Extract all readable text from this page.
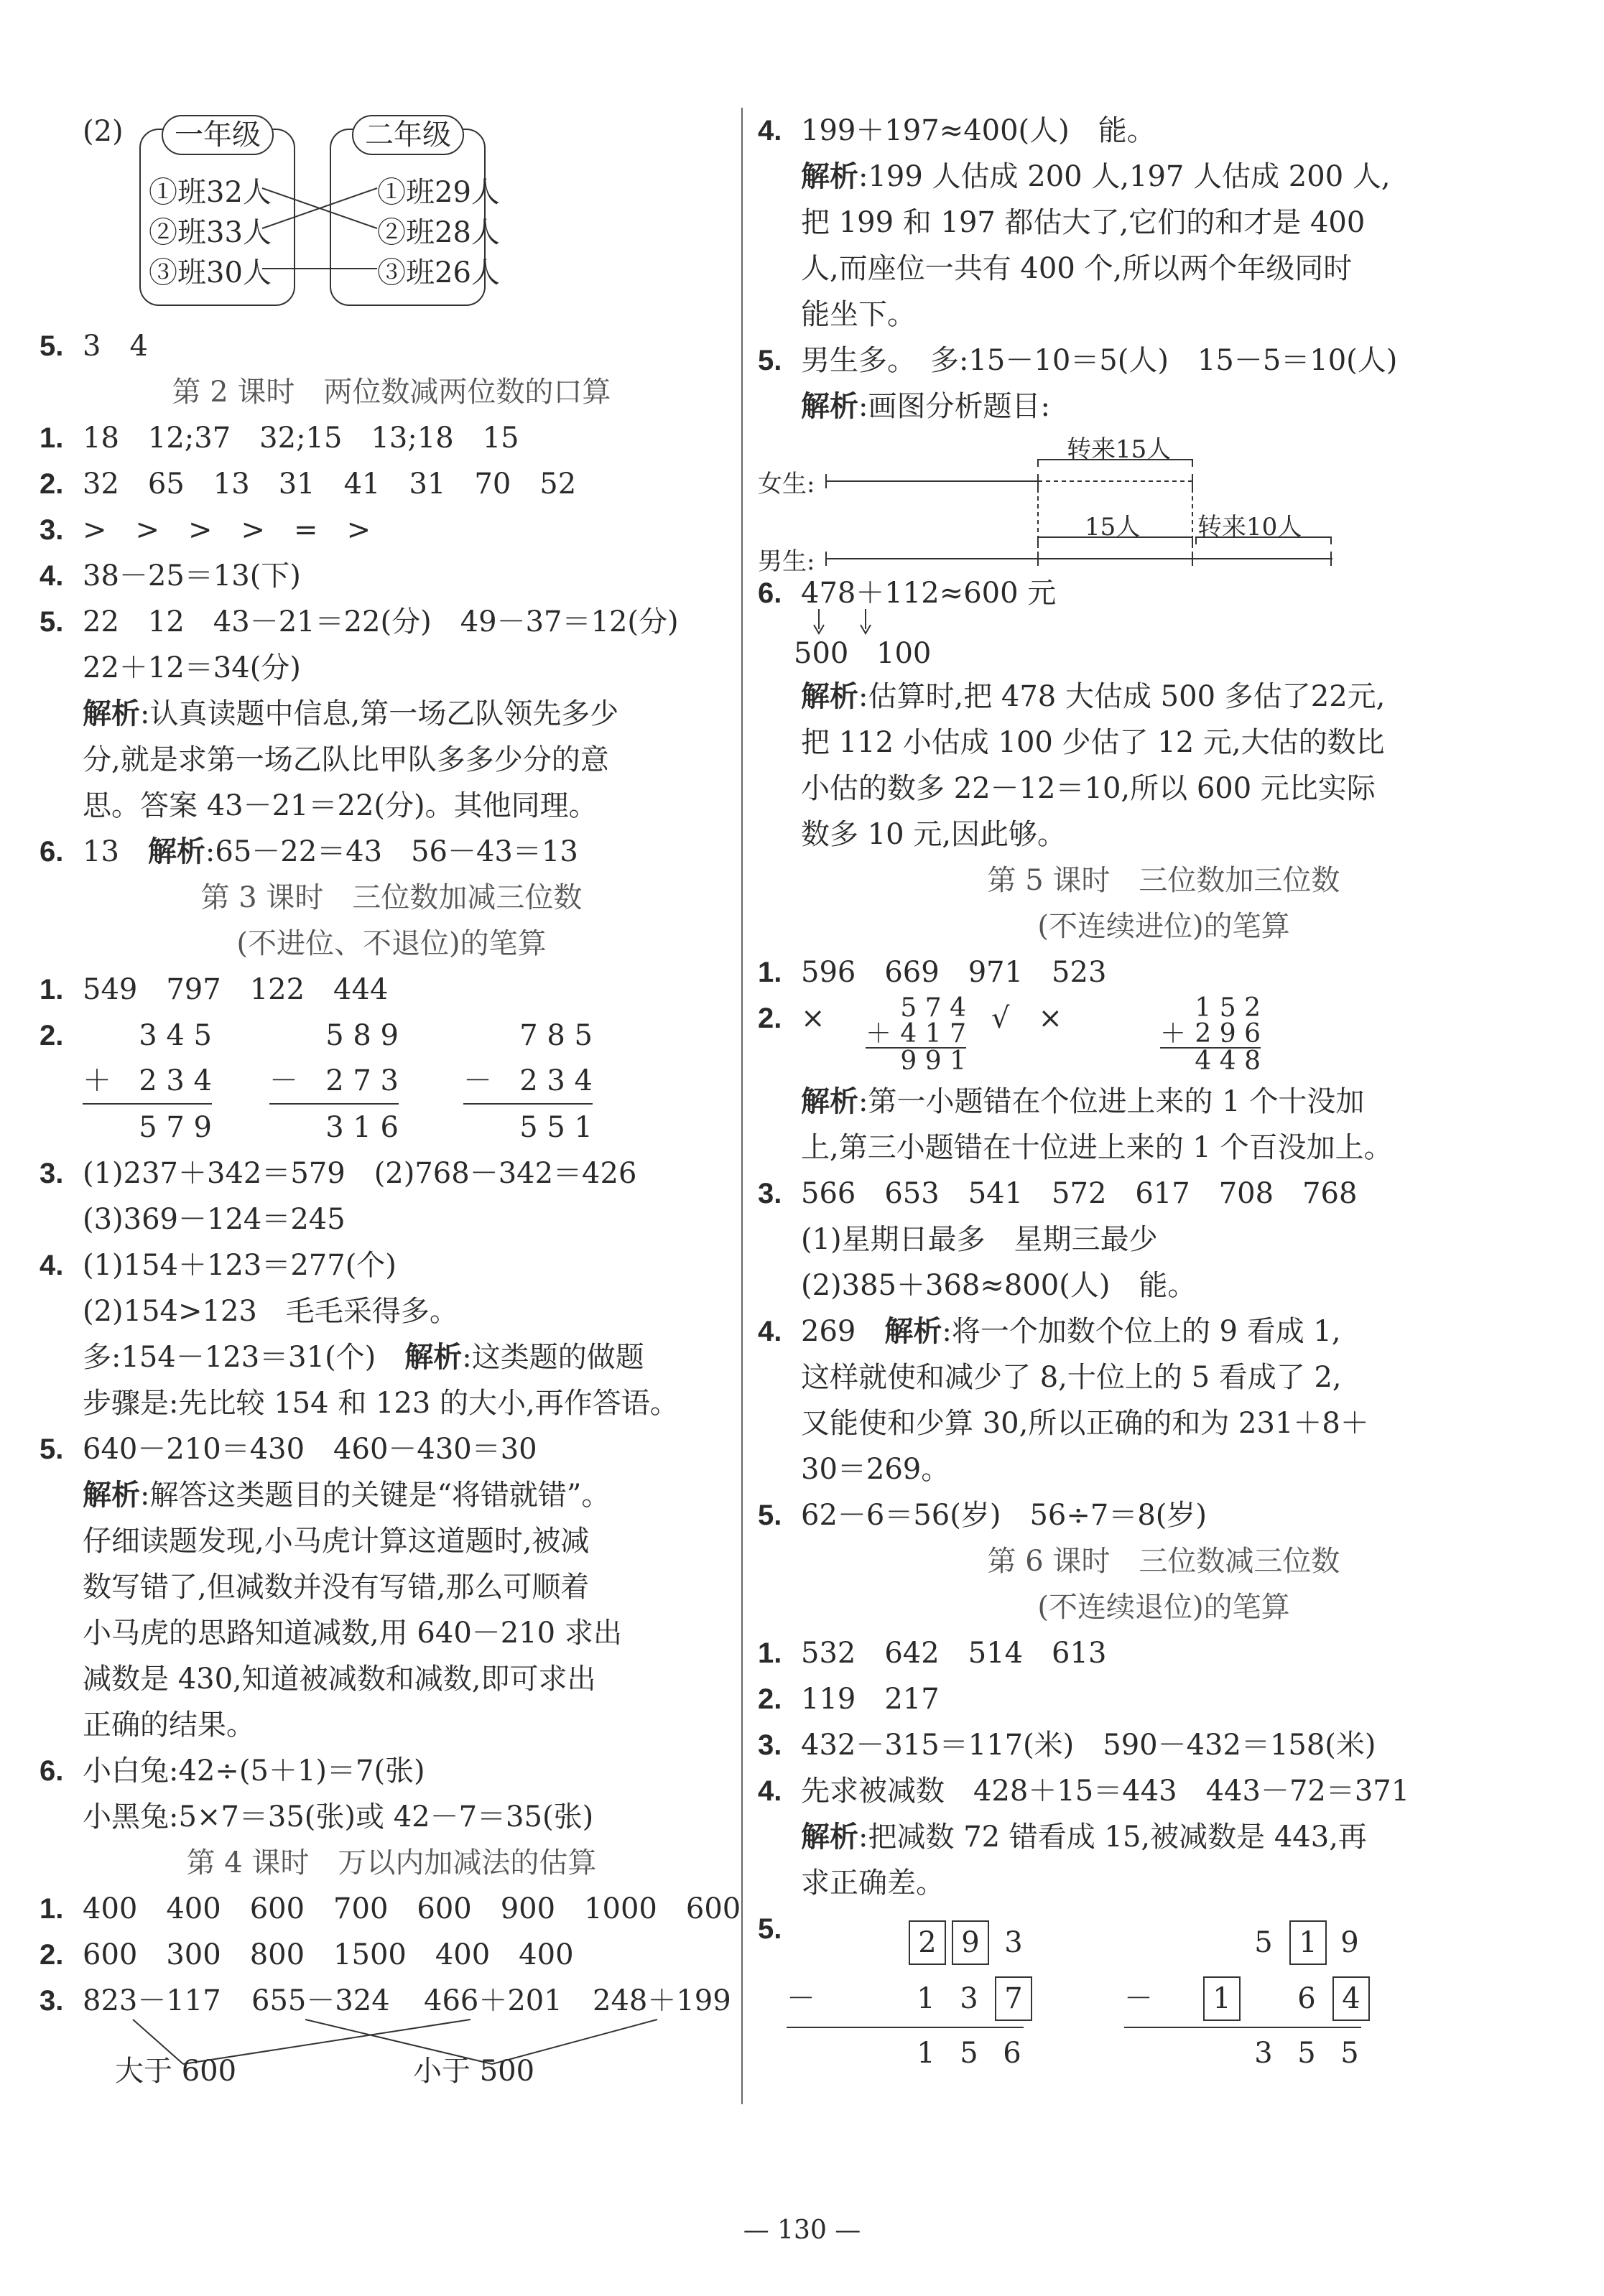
(2)	一年级
①班32人
②班33人
③班30人
二年级
①班29人
②班28人
③班26人
5. 3　4
第 2 课时　两位数减两位数的口算
1. 18　12;37　32;15　13;18　15
2. 32　65　13　31　41　31　70　52
3. >　>　>　>　=　>
4. 38－25＝13(下)
5. 22　12　43－21＝22(分)　49－37＝12(分)
22＋12＝34(分)
解析:认真读题中信息,第一场乙队领先多少
分,就是求第一场乙队比甲队多多少分的意
思。答案 43－21＝22(分)。其他同理。
6. 13　解析:65－22＝43　56－43＝13
第 3 课时　三位数加减三位数
(不进位、不退位)的笔算
1. 549　797　122　444
2.	3 4 5
＋ 2 3 4
5 7 9
5 8 9
－ 2 7 3
3 1 6
7 8 5
－ 2 3 4
5 5 1
3. (1)237＋342＝579　(2)768－342＝426
(3)369－124＝245
4. (1)154＋123＝277(个)
(2)154>123　毛毛采得多。
多:154－123＝31(个)　解析:这类题的做题
步骤是:先比较 154 和 123 的大小,再作答语。
5. 640－210＝430　460－430＝30
解析:解答这类题目的关键是“将错就错”。
仔细读题发现,小马虎计算这道题时,被减
数写错了,但减数并没有写错,那么可顺着
小马虎的思路知道减数,用 640－210 求出
减数是 430,知道被减数和减数,即可求出
正确的结果。
6. 小白兔:42÷(5＋1)＝7(张)
小黑兔:5×7＝35(张)或 42－7＝35(张)
第 4 课时　万以内加减法的估算
1. 400　400　600　700　600　900　1000　600
2. 600　300　800　1500　400　400
3. 823－117 655－324 466＋201 248＋199
大于 600	小于 500
4. 199＋197≈400(人)　能。
解析:199 人估成 200 人,197 人估成 200 人,
把 199 和 197 都估大了,它们的和才是 400
人,而座位一共有 400 个,所以两个年级同时
能坐下。
5. 男生多。　多:15－10＝5(人)　15－5＝10(人)
解析:画图分析题目:
女生:
男生:
转来15人
15人 转来10人
6. 478＋112≈600 元
500 100
解析:估算时,把 478 大估成 500 多估了22元,
把 112 小估成 100 少估了 12 元,大估的数比
小估的数多 22－12＝10,所以 600 元比实际
数多 10 元,因此够。
第 5 课时　三位数加三位数
(不连续进位)的笔算
1. 596　669　971　523
2. ×	5 7 4
＋ 4 1 7
9 9 1
√　×	1 5 2
＋ 2 9 6
4 4 8
解析:第一小题错在个位进上来的 1 个十没加
上,第三小题错在十位进上来的 1 个百没加上。
3. 566　653　541　572　617　708　768
(1)星期日最多　星期三最少
(2)385＋368≈800(人)　能。
4. 269　解析:将一个加数个位上的 9 看成 1,
这样就使和减少了 8,十位上的 5 看成了 2,
又能使和少算 30,所以正确的和为 231＋8＋
30＝269。
5. 62－6＝56(岁)　56÷7＝8(岁)
第 6 课时　三位数减三位数
(不连续退位)的笔算
1. 532　642　514　613
2. 119　217
3. 432－315＝117(米)　590－432＝158(米)
4. 先求被减数　428＋15＝443　443－72＝371
解析:把减数 72 错看成 15,被减数是 443,再
求正确差。
5.	2 9 3
－	1 3 7
1 5 6
5 1 9
－	1	6 4
3 5 5
— 130 —
